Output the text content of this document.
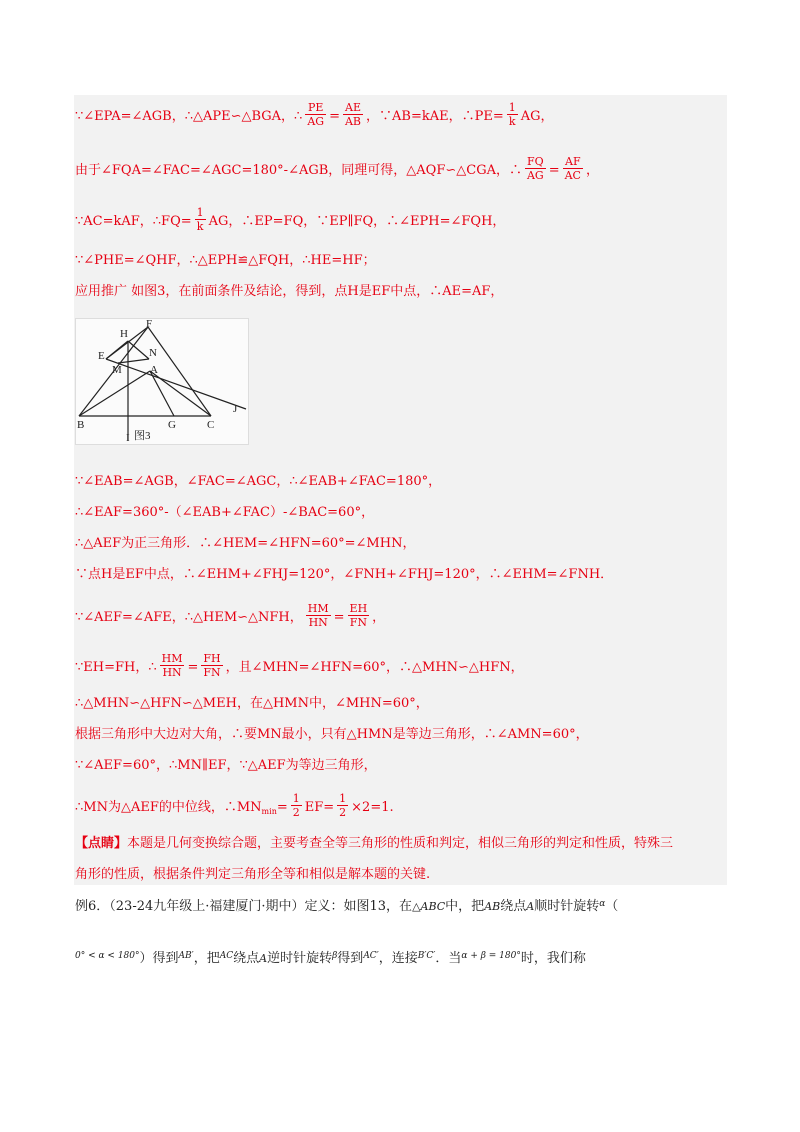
∵∠EPA=∠AGB，∴△APE∽△BGA，∴ $\frac{PE}{AG} = \frac{AE}{AB}$ ，∵AB=kAE，∴PE= $\frac{1}{k}$ AG，
由于∠FQA=∠FAC=∠AGC=180°-∠AGB，同理可得，△AQF∽△CGA，∴ $\frac{FQ}{AG} = \frac{AF}{AC}$ ，
∵AC=kAF，∴FQ= $\frac{1}{k}$ AG，∴EP=FQ，∵EP∥FQ，∴∠EPH=∠FQH，
∵∠PHE=∠QHF，∴△EPH≌△FQH，∴HE=HF；
应用推广 如图3，在前面条件及结论，得到，点H是EF中点，∴AE=AF，
H
F
E	N
M	A
B	G	C
J
I 图3
∵∠EAB=∠AGB，∠FAC=∠AGC，∴∠EAB+∠FAC=180°，
∴∠EAF=360°-（∠EAB+∠FAC）-∠BAC=60°，
∴△AEF为正三角形．∴∠HEM=∠HFN=60°=∠MHN，
∵点H是EF中点，∴∠EHM+∠FHJ=120°，∠FNH+∠FHJ=120°，∴∠EHM=∠FNH．
∵∠AEF=∠AFE，∴△HEM∽△NFH， $\frac{HM}{HN} = \frac{EH}{FN}$ ，
∵EH=FH，∴ $\frac{HM}{HN} = \frac{FH}{FN}$ ，且∠MHN=∠HFN=60°，∴△MHN∽△HFN，
∴△MHN∽△HFN∽△MEH，在△HMN中，∠MHN=60°，
根据三角形中大边对大角，∴要MN最小，只有△HMN是等边三角形，∴∠AMN=60°，
∵∠AEF=60°，∴MN∥EF，∵△AEF为等边三角形，
∴MN为△AEF的中位线，$\therefore MN_{min}= \frac{1}{2} EF= \frac{1}{2} \times 2=1$.
【点睛】本题是几何变换综合题，主要考查全等三角形的性质和判定，相似三角形的判定和性质，特殊三
角形的性质，根据条件判定三角形全等和相似是解本题的关键.
例6．（23-24九年级上·福建厦门·期中）定义：如图13，在△ABC中，把AB绕点A顺时针旋转$^\alpha$（
$^{0^\circ < \alpha < 180^\circ}$）得到$^{AB'}$，把$^{AC}$绕点A逆时针旋转$^\beta$得到$^{AC'}$，连接$^{B'C'}$．当$^{\alpha + \beta = 180^\circ}$时，我们称
